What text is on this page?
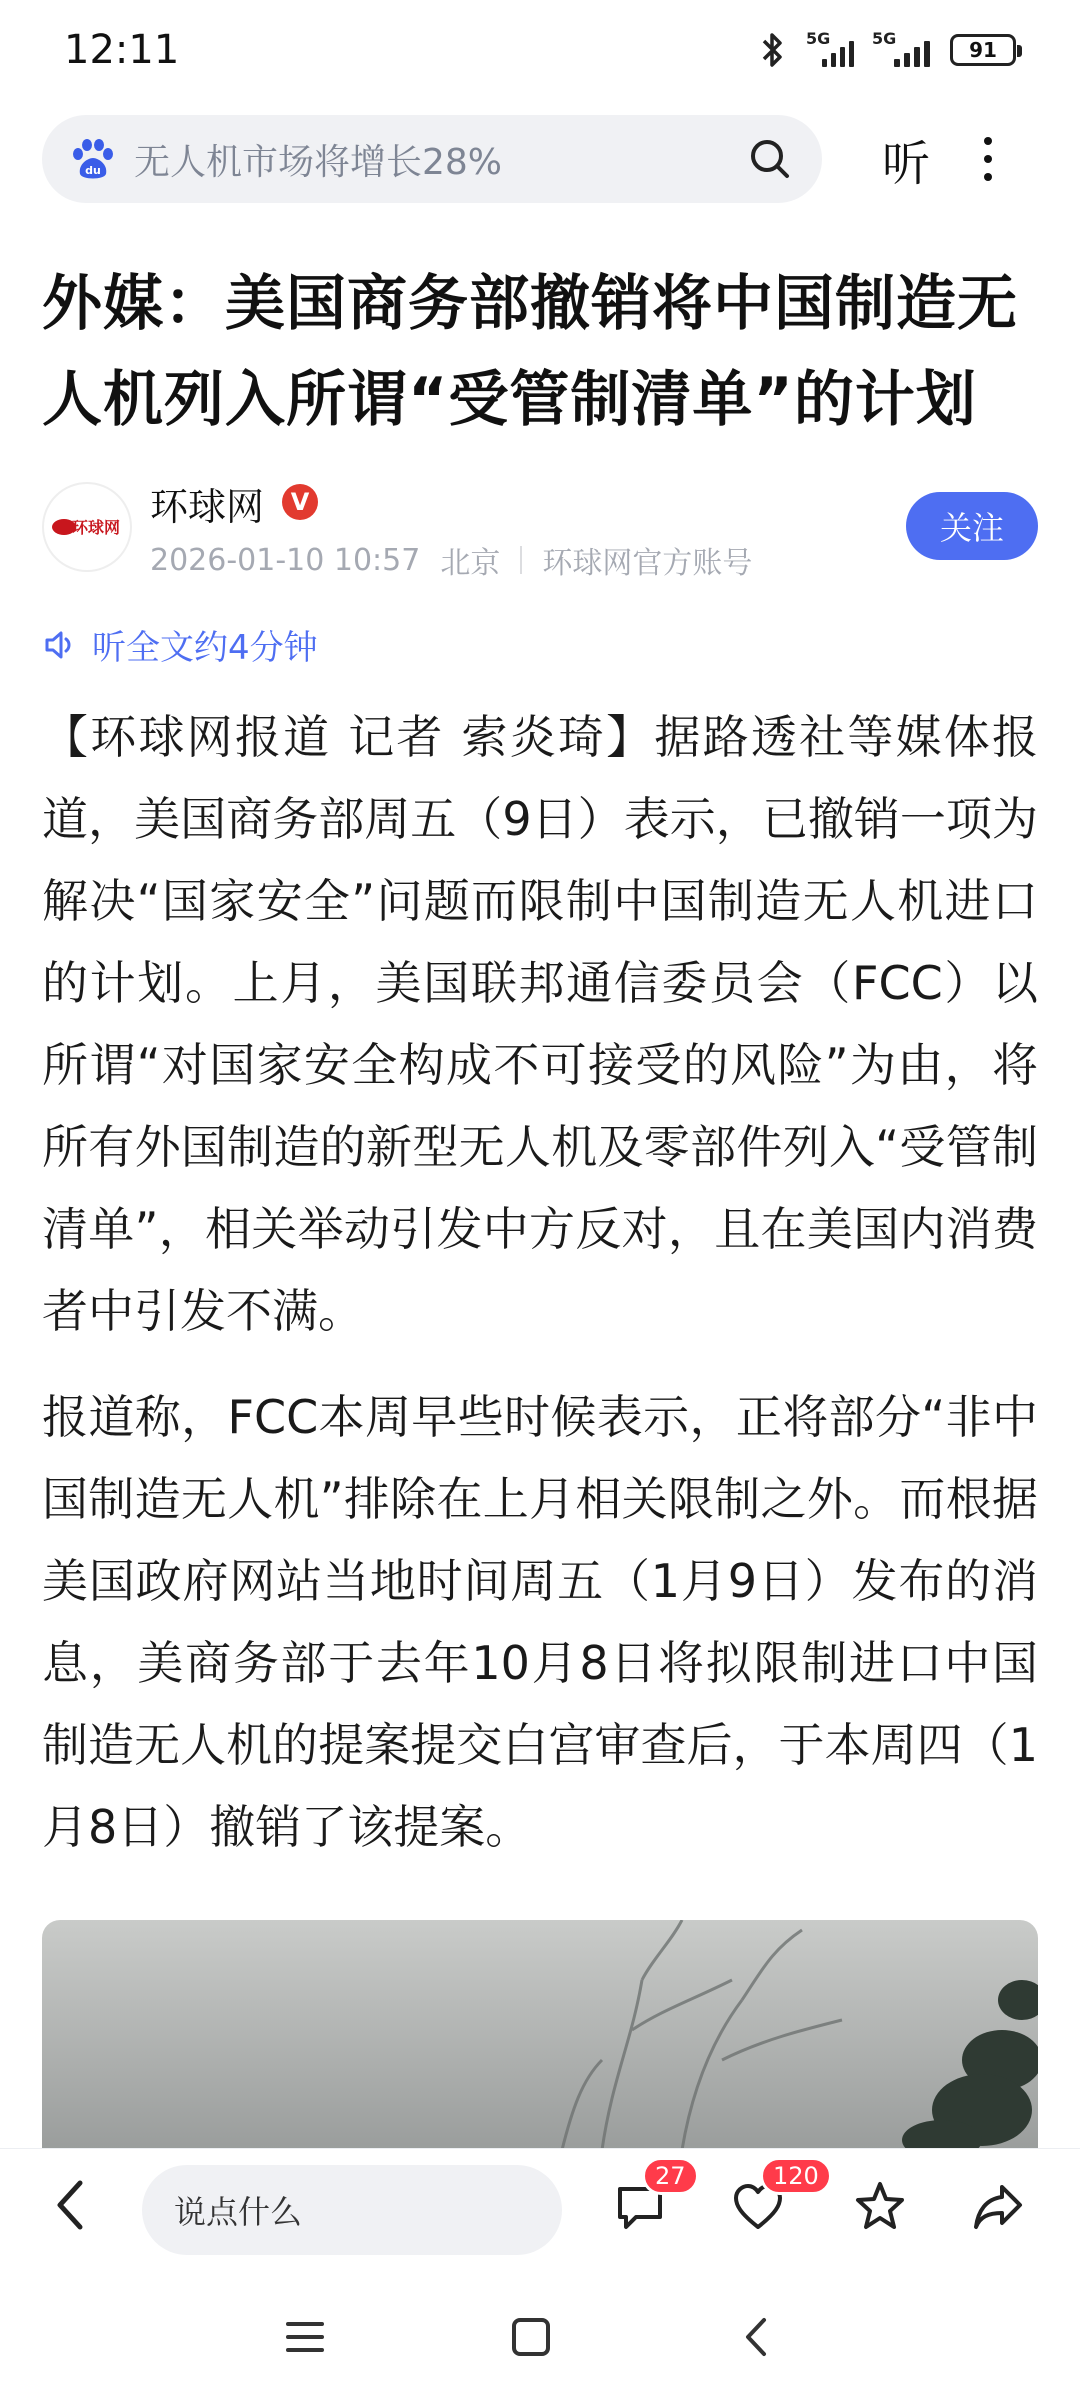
12:11	5G	5G	91
du 无人机市场将增长28%	听
外媒：美国商务部撤销将中国制造无人机列入所谓“受管制清单”的计划
环球网 环球网	V
2026-01-10 10:57 北京 环球网官方账号
关注
听全文约4分钟

【环球网报道 记者 索炎琦】据路透社等媒体报道，美国商务部周五（9日）表示，已撤销一项为解决“国家安全”问题而限制中国制造无人机进口的计划。上月，美国联邦通信委员会（FCC）以所谓“对国家安全构成不可接受的风险”为由，将所有外国制造的新型无人机及零部件列入“受管制清单”，相关举动引发中方反对，且在美国内消费者中引发不满。

报道称，FCC本周早些时候表示，正将部分“非中国制造无人机”排除在上月相关限制之外。而根据美国政府网站当地时间周五（1月9日）发布的消息，美商务部于去年10月8日将拟限制进口中国制造无人机的提案提交白宫审查后，于本周四（1月8日）撤销了该提案。

说点什么
27	120
